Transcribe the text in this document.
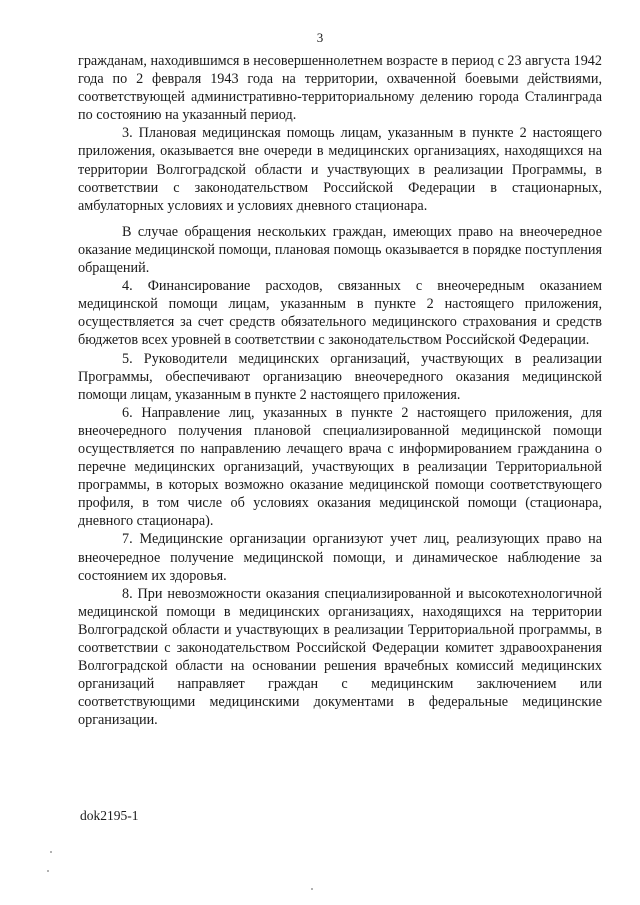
3

гражданам, находившимся в несовершеннолетнем возрасте в период с 23 августа 1942 года по 2 февраля 1943 года на территории, охваченной боевыми действиями, соответствующей административно-территориальному делению города Сталинграда по состоянию на указанный период.

3. Плановая медицинская помощь лицам, указанным в пункте 2 настоящего приложения, оказывается вне очереди в медицинских организациях, находящихся на территории Волгоградской области и участвующих в реализации Программы, в соответствии с законодательством Российской Федерации в стационарных, амбулаторных условиях и условиях дневного стационара.

В случае обращения нескольких граждан, имеющих право на внеочередное оказание медицинской помощи, плановая помощь оказывается в порядке поступления обращений.

4. Финансирование расходов, связанных с внеочередным оказанием медицинской помощи лицам, указанным в пункте 2 настоящего приложения, осуществляется за счет средств обязательного медицинского страхования и средств бюджетов всех уровней в соответствии с законодательством Российской Федерации.

5. Руководители медицинских организаций, участвующих в реализации Программы, обеспечивают организацию внеочередного оказания медицинской помощи лицам, указанным в пункте 2 настоящего приложения.

6. Направление лиц, указанных в пункте 2 настоящего приложения, для внеочередного получения плановой специализированной медицинской помощи осуществляется по направлению лечащего врача с информированием гражданина о перечне медицинских организаций, участвующих в реализации Территориальной программы, в которых возможно оказание медицинской помощи соответствующего профиля, в том числе об условиях оказания медицинской помощи (стационара, дневного стационара).

7. Медицинские организации организуют учет лиц, реализующих право на внеочередное получение медицинской помощи, и динамическое наблюдение за состоянием их здоровья.

8. При невозможности оказания специализированной и высокотехнологичной медицинской помощи в медицинских организациях, находящихся на территории Волгоградской области и участвующих в реализации Территориальной программы, в соответствии с законодательством Российской Федерации комитет здравоохранения Волгоградской области на основании решения врачебных комиссий медицинских организаций направляет граждан с медицинским заключением или соответствующими медицинскими документами в федеральные медицинские организации.

dok2195-1
